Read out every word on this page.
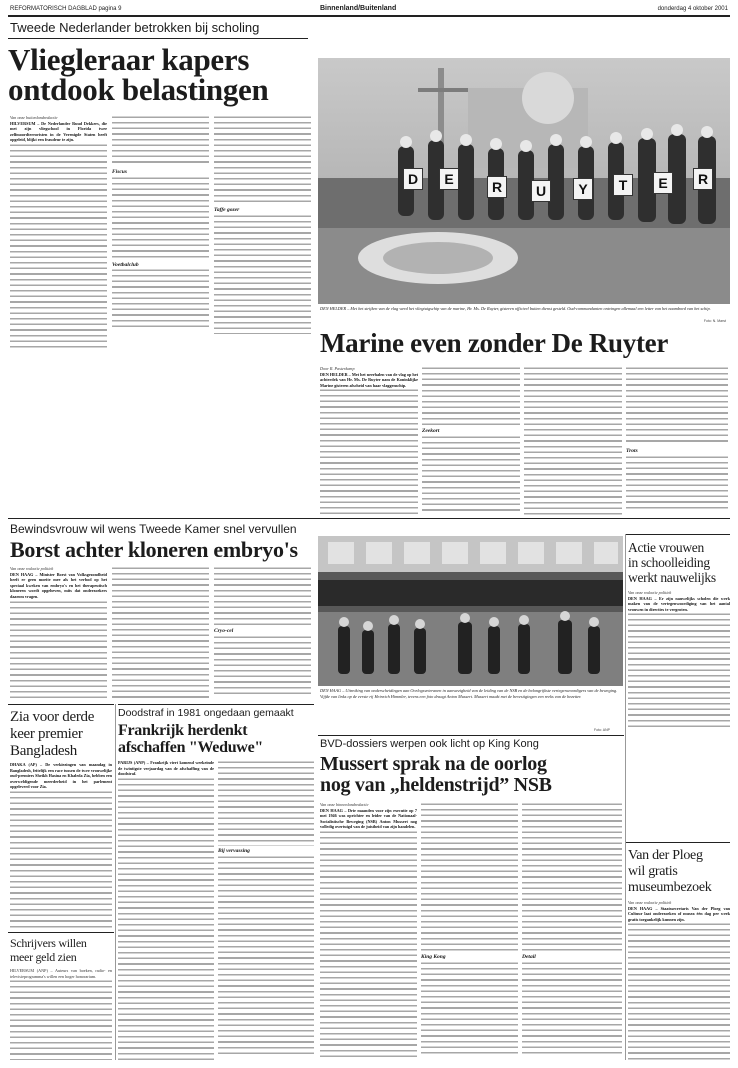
REFORMATORISCH DAGBLAD pagina 9	Binnenland/Buitenland	donderdag 4 oktober 2001
Tweede Nederlander betrokken bij scholing
Vliegleraar kapers
ontdook belastingen
Van onze buitenlandredactie
HILVERSUM – De Nederlander Ruud Dekkers, die met zijn vliegschool in Florida twee zelfmoordterroristen in de Verenigde Staten heeft opgeleid, blijkt een fraudeur te zijn.
Fiscus
Voetbalclub
Taffe gozer
D	E	R	U	Y	T	E	R
DEN HELDER – Met het strijken van de vlag werd het vliegtuigschip van de marine, Hr. Ms. De Ruyter, gisteren officieel buiten dienst gesteld. Oud-commandanten ontvingen allemaal een letter van het naambord van het schip.
Foto: N. Marst
Marine even zonder De Ruyter
Door R. Pasterkamp
DEN HELDER – Met het neerhalen van de vlag op het achterdek van Hr. Ms. De Ruyter nam de Koninklijke Marine gisteren afscheid van haar vlaggenschip.
Zeekort
Trots
Bewindsvrouw wil wens Tweede Kamer snel vervullen
Borst achter kloneren embryo's
Van onze redactie politiek
DEN HAAG – Minister Borst van Volksgezondheid heeft er geen moeite mee als het verbod op het speciaal kweken van embryo's en het therapeutisch kloneren wordt opgeheven, mits dat onderzoekers daarom vragen.
Cryo-cel
DEN HAAG – Uitreiking van onderscheidingen aan Oorlogsveteranen in aanwezigheid van de leiding van de NSB en de belangrijkste vertegenwoordigers van de beweging. Vijfde van links op de eerste rij Heinrich Himmler, tevens een foto draagt Anton Mussert. Mussert maakt met de bevestigingen een reeks van de bezetter.
Foto: ANP
Actie vrouwen
in schoolleiding
werkt nauwelijks
Van onze redactie politiek
DEN HAAG – Er zijn nauwelijks scholen die werk maken van de vertegenwoordiging van het aantal vrouwen in directies te vergroten.
Zia voor derde
keer premier
Bangladesh
DHAKA (AP) – De verkiezingen van maandag in Bangladesh, feitelijk een race tussen de twee vrouwelijke oud-premiers Sheikh Hasina en Khaleda Zia, hebben een overweldigende meerderheid in het parlement opgeleverd voor Zia.
Schrijvers willen
meer geld zien
HILVERSUM (ANP) – Auteurs van boeken, radio- en televisieprogramma's willen een hoger honorarium.
Doodstraf in 1981 ongedaan gemaakt
Frankrijk herdenkt
afschaffen "Weduwe"
PARIJS (ANP) – Frankrijk viert komend weekeinde de twintigste verjaardag van de afschaffing van de doodstraf.
Bij vervassing
BVD-dossiers werpen ook licht op King Kong
Mussert sprak na de oorlog
nog van „heldenstrijd” NSB
Van onze binnenlandredactie
DEN HAAG – Drie maanden voor zijn executie op 7 mei 1946 was oprichter en leider van de Nationaal-Socialistische Beweging (NSB) Anton Mussert nog volledig overtuigd van de juistheid van zijn handelen.
King Kong	Detail
Van der Ploeg
wil gratis
museumbezoek
Van onze redactie politiek
DEN HAAG – Staatssecretaris Van der Ploeg van Cultuur laat onderzoeken of musea één dag per week gratis toegankelijk kunnen zijn.
